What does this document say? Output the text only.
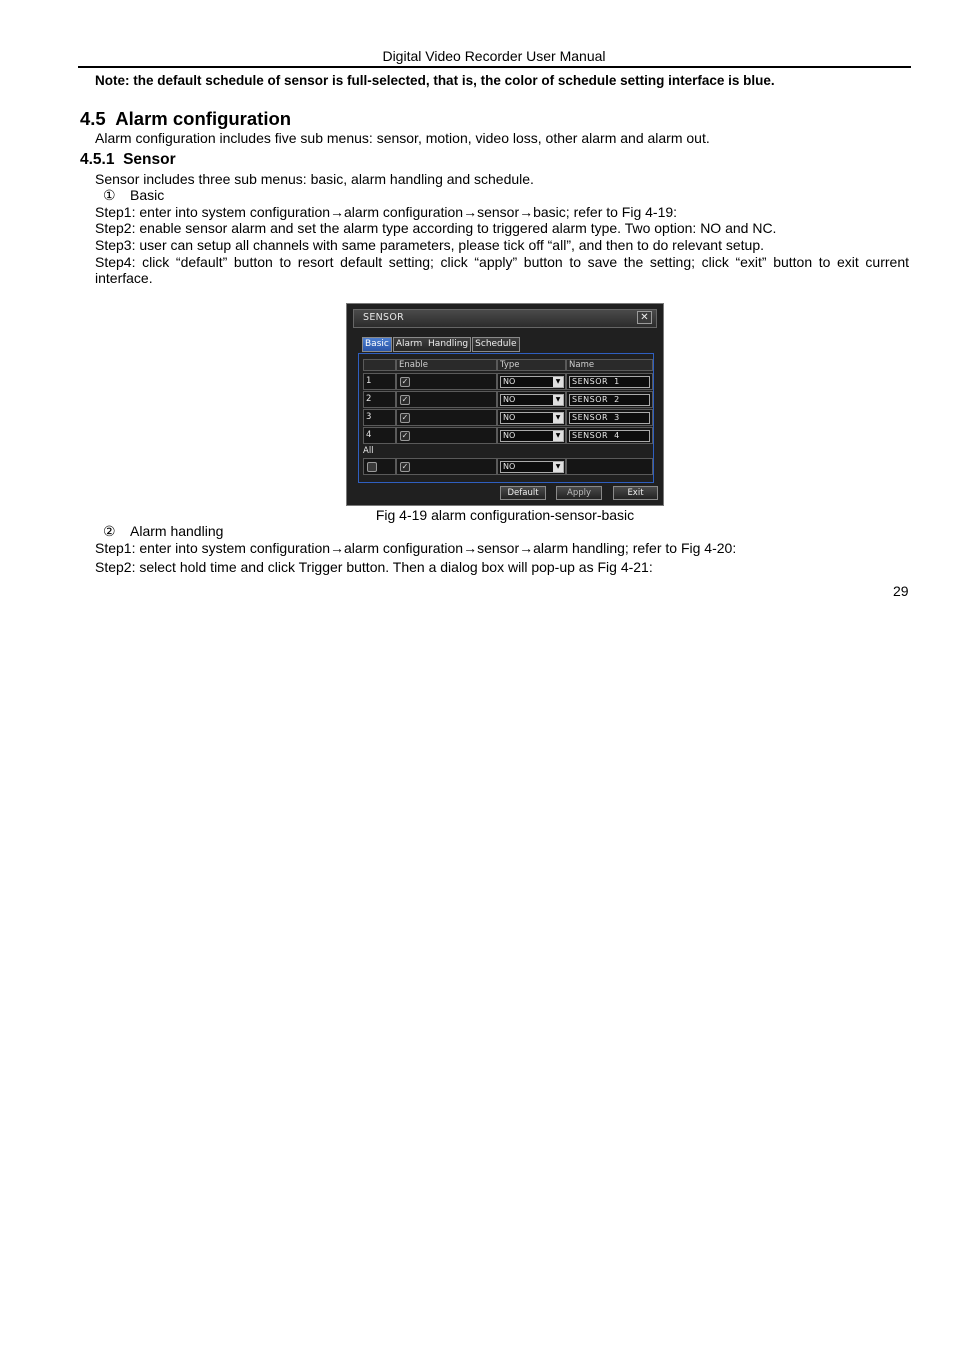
Digital Video Recorder User Manual
Note: the default schedule of sensor is full-selected, that is, the color of schedule setting interface is blue.
4.5  Alarm configuration
Alarm configuration includes five sub menus: sensor, motion, video loss, other alarm and alarm out.
4.5.1  Sensor
Sensor includes three sub menus: basic, alarm handling and schedule.
① Basic
Step1: enter into system configuration→alarm configuration→sensor→basic; refer to Fig 4-19:
Step2: enable sensor alarm and set the alarm type according to triggered alarm type. Two option: NO and NC.
Step3: user can setup all channels with same parameters, please tick off “all”, and then to do relevant setup.
Step4: click “default” button to resort default setting; click “apply” button to save the setting; click “exit” button to exit current interface.
SENSOR	✕
Basic Alarm  Handling Schedule
Enable	Type	Name
1	✓	NO	▼	SENSOR  1
2	✓	NO	▼	SENSOR  2
3	✓	NO	▼	SENSOR  3
4	✓	NO	▼	SENSOR  4
All
✓	NO	▼
Default	Apply	Exit
Fig 4-19 alarm configuration-sensor-basic
② Alarm handling
Step1: enter into system configuration→alarm configuration→sensor→alarm handling; refer to Fig 4-20:
Step2: select hold time and click Trigger button. Then a dialog box will pop-up as Fig 4-21:
29
